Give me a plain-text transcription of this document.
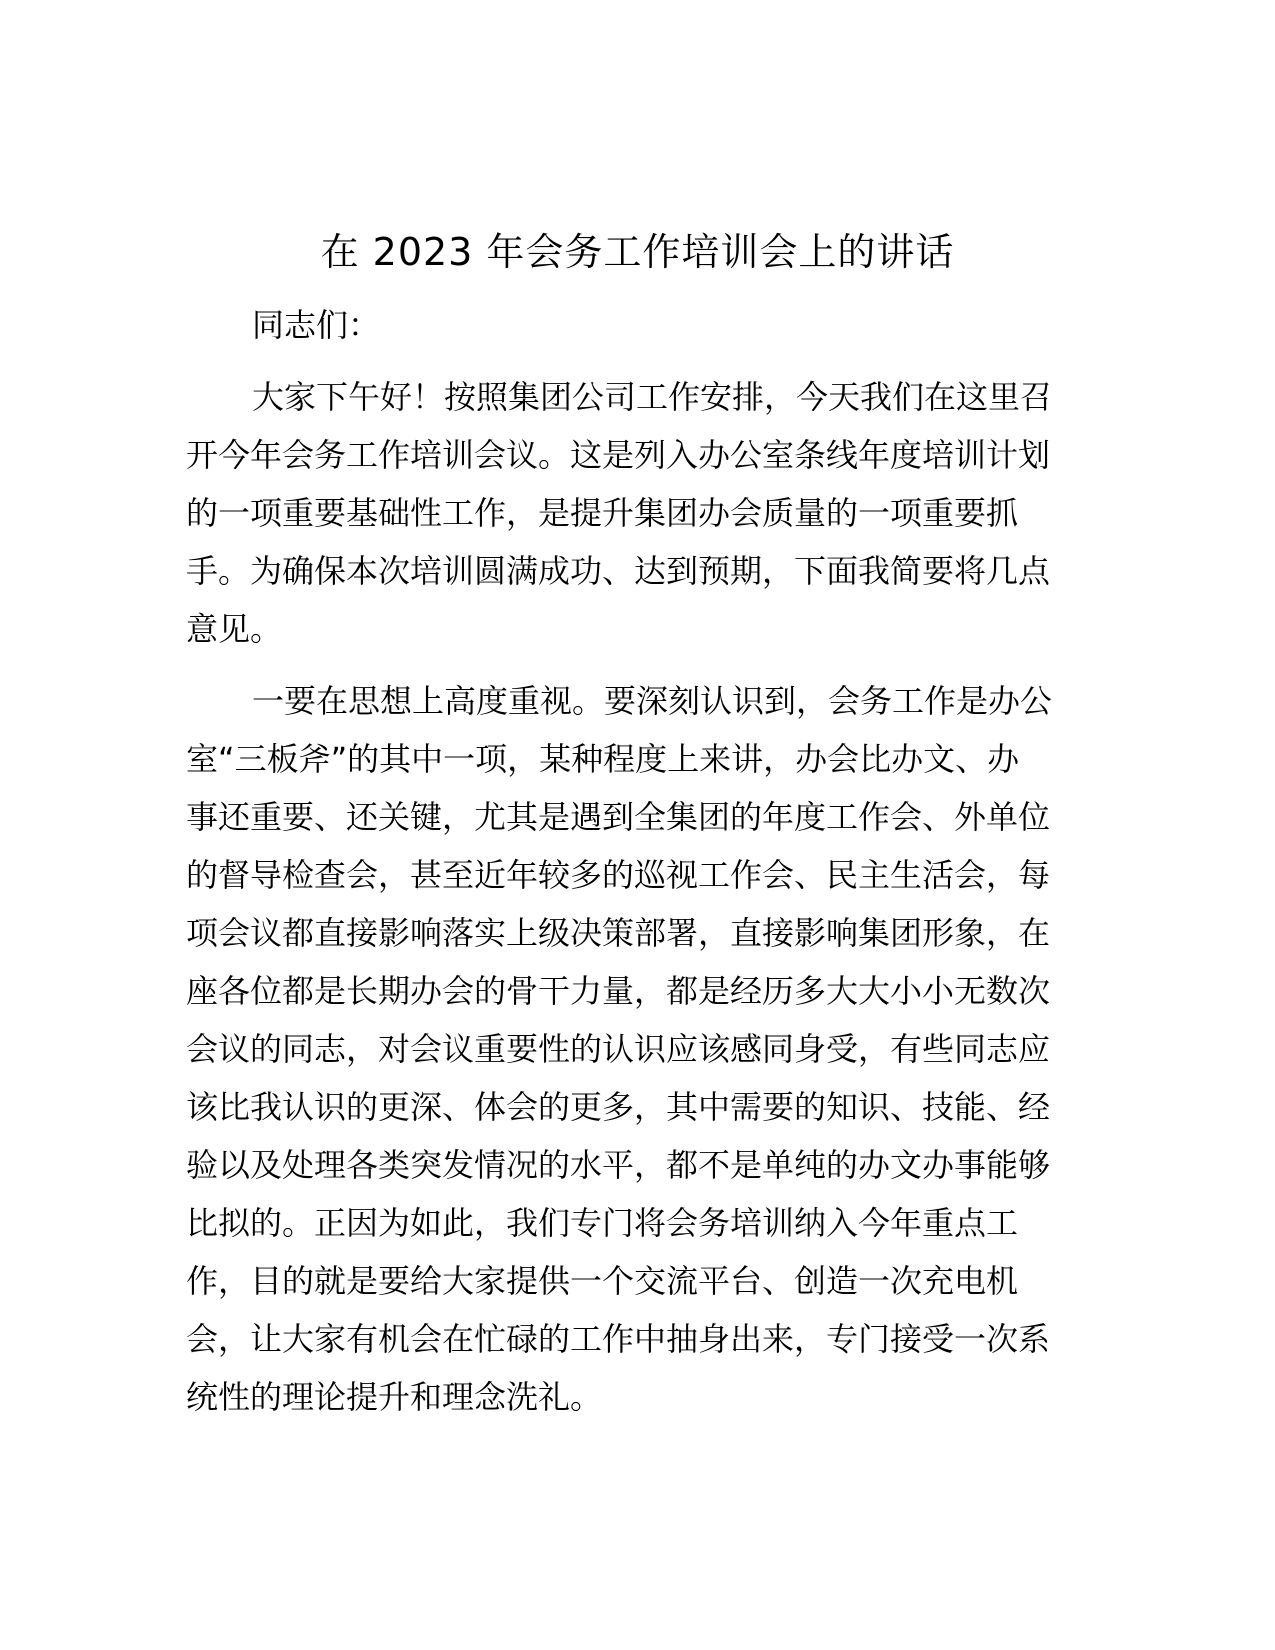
在 2023 年会务工作培训会上的讲话

同志们：

大家下午好！按照集团公司工作安排，今天我们在这里召
开今年会务工作培训会议。这是列入办公室条线年度培训计划
的一项重要基础性工作，是提升集团办会质量的一项重要抓
手。为确保本次培训圆满成功、达到预期，下面我简要将几点
意见。

一要在思想上高度重视。要深刻认识到，会务工作是办公
室“三板斧”的其中一项，某种程度上来讲，办会比办文、办
事还重要、还关键，尤其是遇到全集团的年度工作会、外单位
的督导检查会，甚至近年较多的巡视工作会、民主生活会，每
项会议都直接影响落实上级决策部署，直接影响集团形象，在
座各位都是长期办会的骨干力量，都是经历多大大小小无数次
会议的同志，对会议重要性的认识应该感同身受，有些同志应
该比我认识的更深、体会的更多，其中需要的知识、技能、经
验以及处理各类突发情况的水平，都不是单纯的办文办事能够
比拟的。正因为如此，我们专门将会务培训纳入今年重点工
作，目的就是要给大家提供一个交流平台、创造一次充电机
会，让大家有机会在忙碌的工作中抽身出来，专门接受一次系
统性的理论提升和理念洗礼。
